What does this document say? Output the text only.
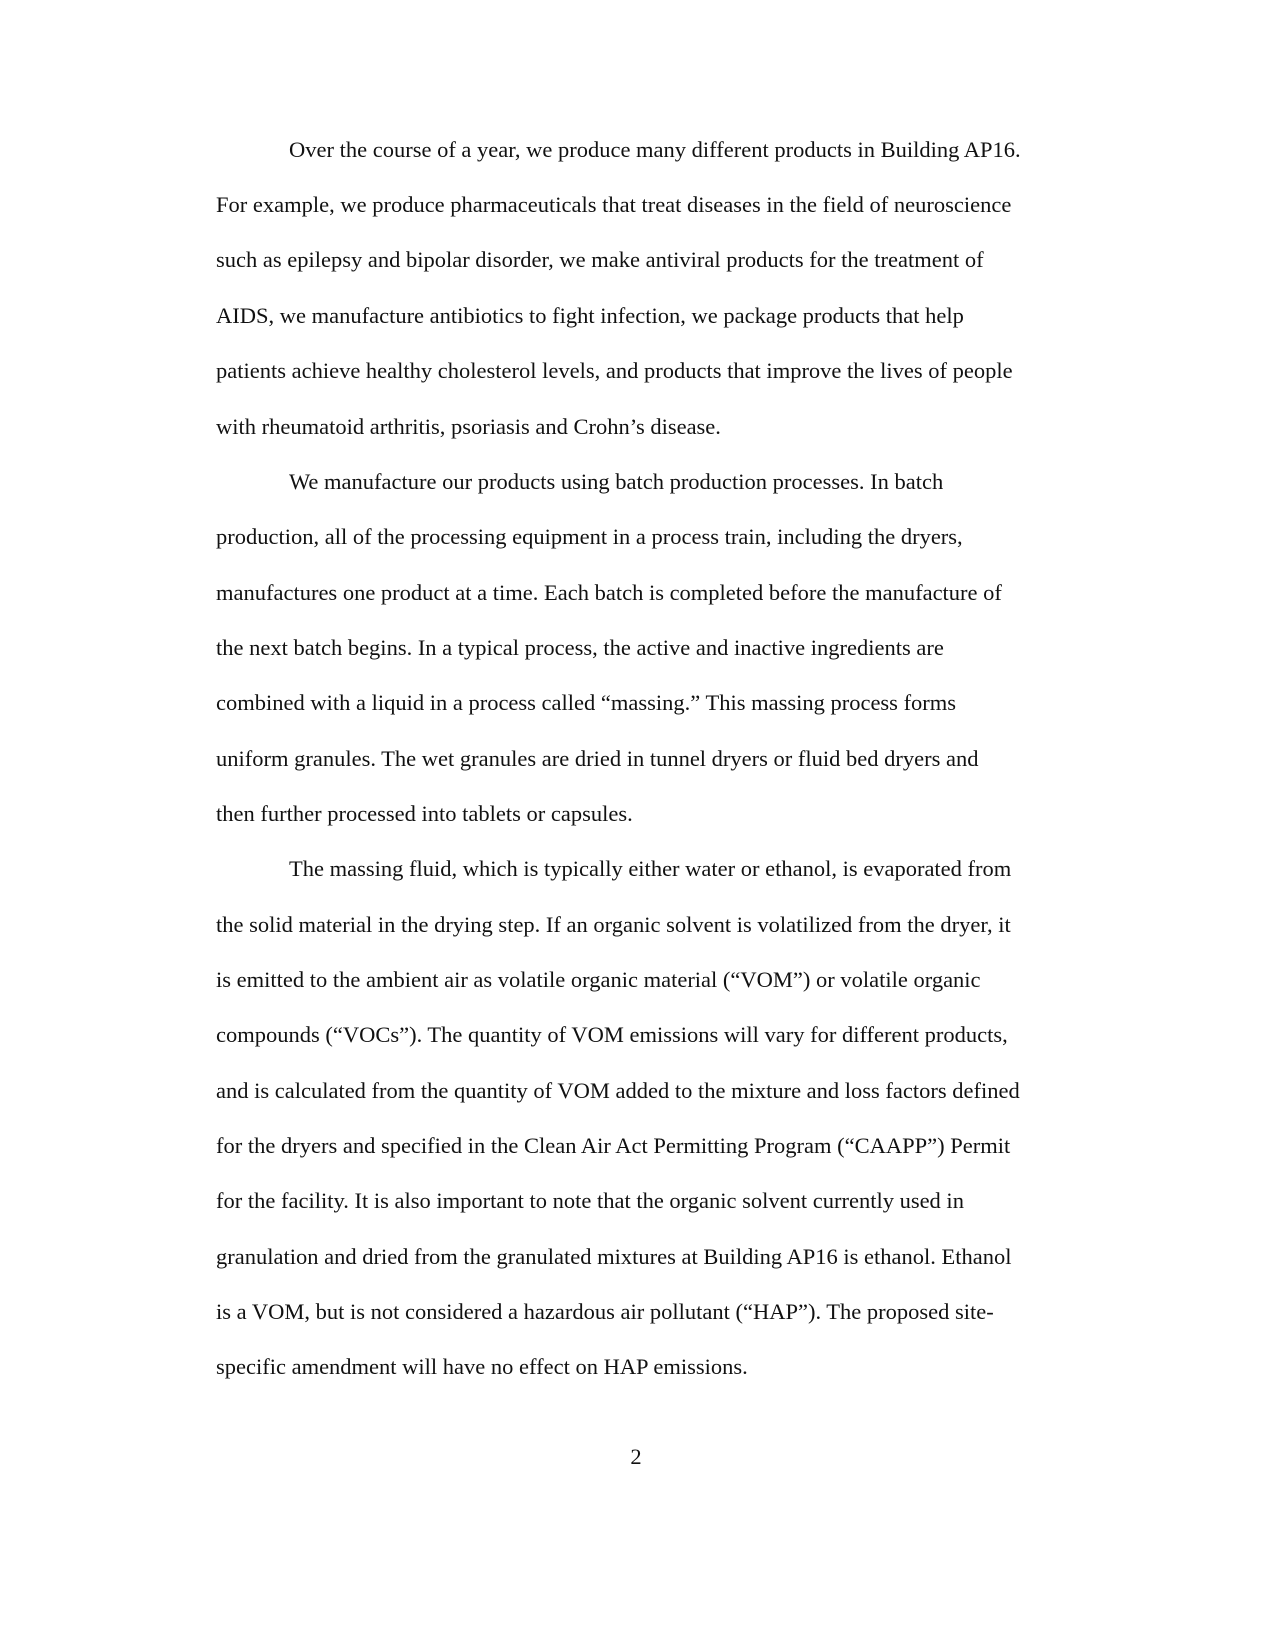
Over the course of a year, we produce many different products in Building AP16.
For example, we produce pharmaceuticals that treat diseases in the field of neuroscience
such as epilepsy and bipolar disorder, we make antiviral products for the treatment of
AIDS, we manufacture antibiotics to fight infection, we package products that help
patients achieve healthy cholesterol levels, and products that improve the lives of people
with rheumatoid arthritis, psoriasis and Crohn’s disease.
We manufacture our products using batch production processes. In batch
production, all of the processing equipment in a process train, including the dryers,
manufactures one product at a time. Each batch is completed before the manufacture of
the next batch begins. In a typical process, the active and inactive ingredients are
combined with a liquid in a process called “massing.” This massing process forms
uniform granules. The wet granules are dried in tunnel dryers or fluid bed dryers and
then further processed into tablets or capsules.
The massing fluid, which is typically either water or ethanol, is evaporated from
the solid material in the drying step. If an organic solvent is volatilized from the dryer, it
is emitted to the ambient air as volatile organic material (“VOM”) or volatile organic
compounds (“VOCs”). The quantity of VOM emissions will vary for different products,
and is calculated from the quantity of VOM added to the mixture and loss factors defined
for the dryers and specified in the Clean Air Act Permitting Program (“CAAPP”) Permit
for the facility. It is also important to note that the organic solvent currently used in
granulation and dried from the granulated mixtures at Building AP16 is ethanol. Ethanol
is a VOM, but is not considered a hazardous air pollutant (“HAP”). The proposed site-
specific amendment will have no effect on HAP emissions.
2
